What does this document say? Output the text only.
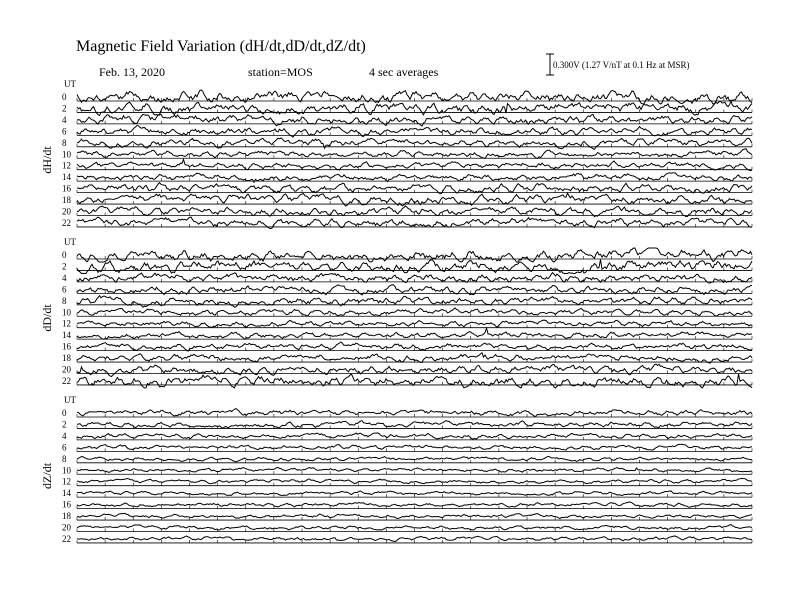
Magnetic Field Variation (dH/dt,dD/dt,dZ/dt)
Feb. 13, 2020	station=MOS	4 sec averages	0.300V (1.27 V/nT at 0.1 Hz at MSR)
UT
dH/dt
0
2
4
6
8
10
12
14
16
18
20
22
UT
dD/dt
0
2
4
6
8
10
12
14
16
18
20
22
UT
dZ/dt
0
2
4
6
8
10
12
14
16
18
20
22
